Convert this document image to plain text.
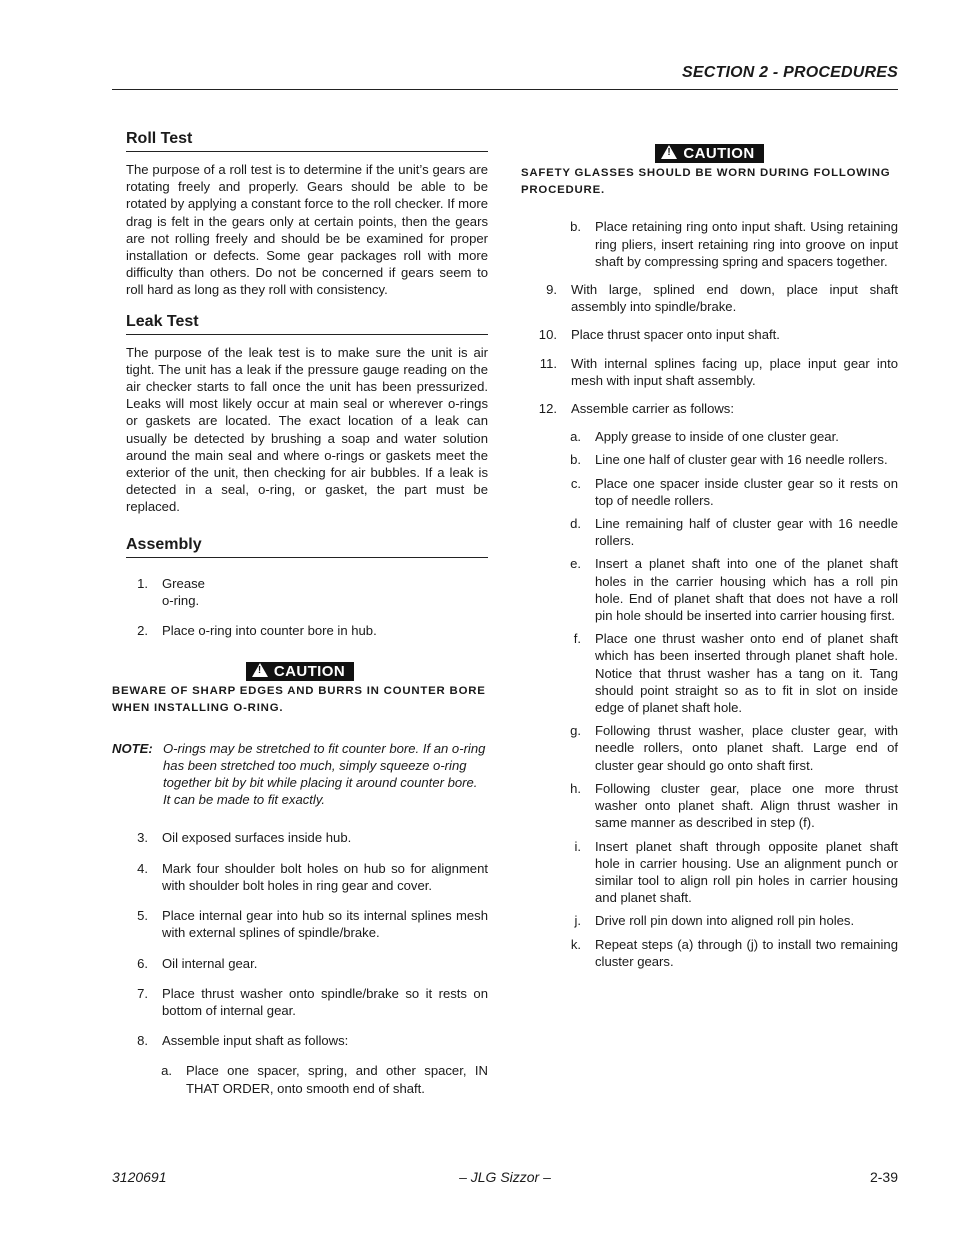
SECTION 2 - PROCEDURES
Roll Test

The purpose of a roll test is to determine if the unit’s gears are rotating freely and properly. Gears should be able to be rotated by applying a constant force to the roll checker. If more drag is felt in the gears only at certain points, then the gears are not rolling freely and should be be examined for proper installation or defects. Some gear packages roll with more difficulty than others. Do not be concerned if gears seem to roll hard as long as they roll with consistency.

Leak Test

The purpose of the leak test is to make sure the unit is air tight. The unit has a leak if the pressure gauge reading on the air checker starts to fall once the unit has been pressurized. Leaks will most likely occur at main seal or wherever o-rings or gaskets are located. The exact location of a leak can usually be detected by brushing a soap and water solution around the main seal and where o-rings or gaskets meet the exterior of the unit, then checking for air bubbles. If a leak is detected in a seal, o-ring, or gasket, the part must be replaced.

Assembly
1.	Grease o-ring.
2.	Place o-ring into counter bore in hub.
!CAUTION

BEWARE OF SHARP EDGES AND BURRS IN COUNTER BORE WHEN INSTALLING O-RING.

NOTE: O-rings may be stretched to fit counter bore. If an o-ring has been stretched too much, simply squeeze o-ring together bit by bit while placing it around counter bore. It can be made to fit exactly.
3.	Oil exposed surfaces inside hub.
4.	Mark four shoulder bolt holes on hub so for alignment with shoulder bolt holes in ring gear and cover.
5.	Place internal gear into hub so its internal splines mesh with external splines of spindle/brake.
6.	Oil internal gear.
7.	Place thrust washer onto spindle/brake so it rests on bottom of internal gear.
8.	Assemble input shaft as follows:
a.	Place one spacer, spring, and other spacer, IN THAT ORDER, onto smooth end of shaft.
!CAUTION

SAFETY GLASSES SHOULD BE WORN DURING FOLLOWING PROCEDURE.

b.	Place retaining ring onto input shaft. Using retaining ring pliers, insert retaining ring into groove on input shaft by compressing spring and spacers together.
9.	With large, splined end down, place input shaft assembly into spindle/brake.
10.	Place thrust spacer onto input shaft.
11.	With internal splines facing up, place input gear into mesh with input shaft assembly.
12.	Assemble carrier as follows:
a.	Apply grease to inside of one cluster gear.
b.	Line one half of cluster gear with 16 needle rollers.
c.	Place one spacer inside cluster gear so it rests on top of needle rollers.
d.	Line remaining half of cluster gear with 16 needle rollers.
e.	Insert a planet shaft into one of the planet shaft holes in the carrier housing which has a roll pin hole. End of planet shaft that does not have a roll pin hole should be inserted into carrier housing first.
f.	Place one thrust washer onto end of planet shaft which has been inserted through planet shaft hole. Notice that thrust washer has a tang on it. Tang should point straight so as to fit in slot on inside edge of planet shaft hole.
g.	Following thrust washer, place cluster gear, with needle rollers, onto planet shaft. Large end of cluster gear should go onto shaft first.
h.	Following cluster gear, place one more thrust washer onto planet shaft. Align thrust washer in same manner as described in step (f).
i.	Insert planet shaft through opposite planet shaft hole in carrier housing. Use an alignment punch or similar tool to align roll pin holes in carrier housing and planet shaft.
j.	Drive roll pin down into aligned roll pin holes.
k.	Repeat steps (a) through (j) to install two remaining cluster gears.
3120691	– JLG Sizzor –	2-39
